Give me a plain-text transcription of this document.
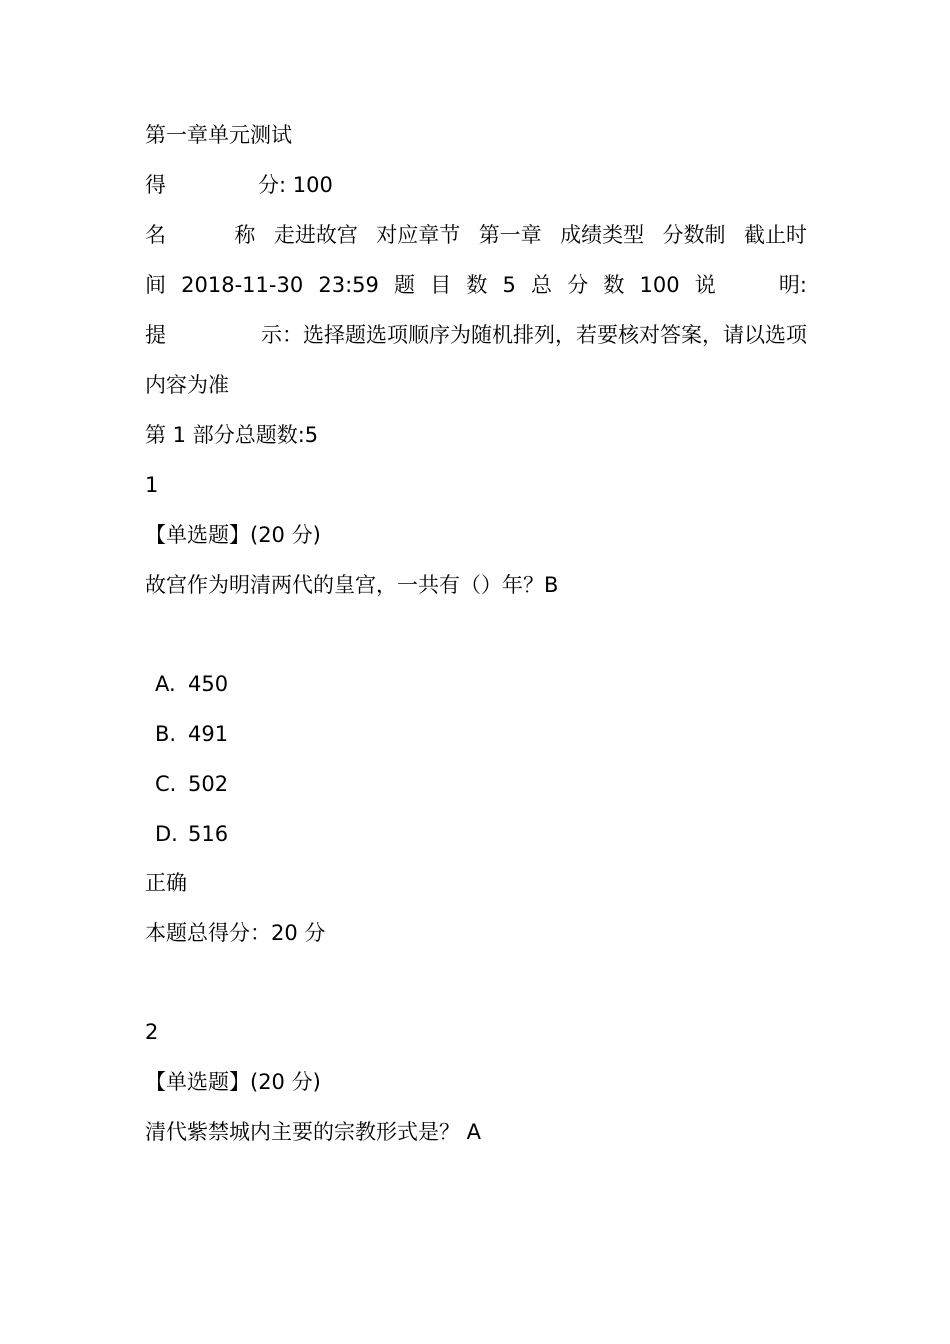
第一章单元测试
得	分: 100
名	称 走进故宫 对应章节 第一章 成绩类型 分数制 截止时
间 2018-11-30 23:59 题 目 数 5 总 分 数 100 说	明:
提	示：选择题选项顺序为随机排列，若要核对答案，请以选项
内容为准
第 1 部分总题数:5
1
【单选题】(20 分)
故宫作为明清两代的皇宫，一共有（）年？B
A. 450
B. 491
C. 502
D. 516
正确
本题总得分：20 分
2
【单选题】(20 分)
清代紫禁城内主要的宗教形式是？ A
